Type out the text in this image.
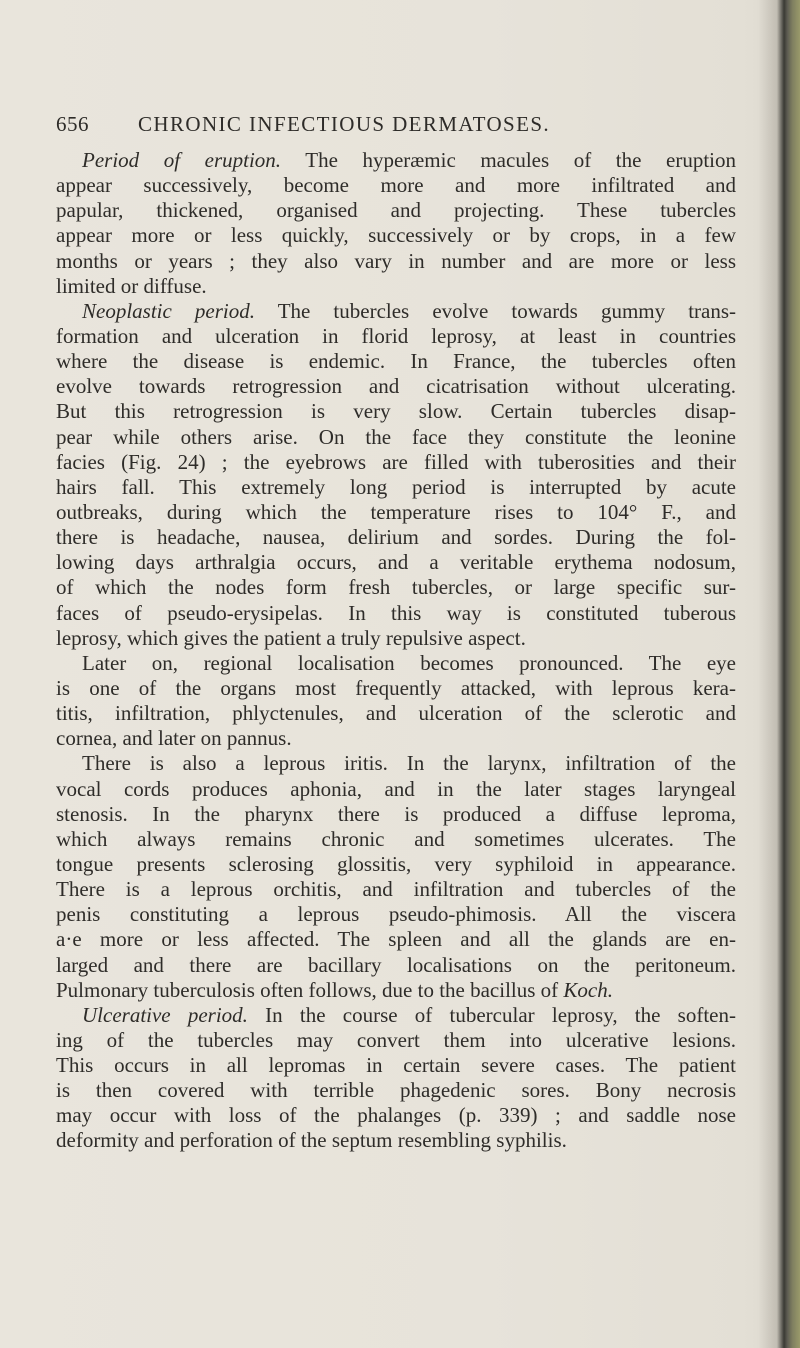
656 CHRONIC INFECTIOUS DERMATOSES.
Period of eruption. The hyperæmic macules of the eruption
appear successively, become more and more infiltrated and
papular, thickened, organised and projecting. These tubercles
appear more or less quickly, successively or by crops, in a few
months or years ; they also vary in number and are more or less
limited or diffuse.
Neoplastic period. The tubercles evolve towards gummy trans-
formation and ulceration in florid leprosy, at least in countries
where the disease is endemic. In France, the tubercles often
evolve towards retrogression and cicatrisation without ulcerating.
But this retrogression is very slow. Certain tubercles disap-
pear while others arise. On the face they constitute the leonine
facies (Fig. 24) ; the eyebrows are filled with tuberosities and their
hairs fall. This extremely long period is interrupted by acute
outbreaks, during which the temperature rises to 104° F., and
there is headache, nausea, delirium and sordes. During the fol-
lowing days arthralgia occurs, and a veritable erythema nodosum,
of which the nodes form fresh tubercles, or large specific sur-
faces of pseudo-erysipelas. In this way is constituted tuberous
leprosy, which gives the patient a truly repulsive aspect.
Later on, regional localisation becomes pronounced. The eye
is one of the organs most frequently attacked, with leprous kera-
titis, infiltration, phlyctenules, and ulceration of the sclerotic and
cornea, and later on pannus.
There is also a leprous iritis. In the larynx, infiltration of the
vocal cords produces aphonia, and in the later stages laryngeal
stenosis. In the pharynx there is produced a diffuse leproma,
which always remains chronic and sometimes ulcerates. The
tongue presents sclerosing glossitis, very syphiloid in appearance.
There is a leprous orchitis, and infiltration and tubercles of the
penis constituting a leprous pseudo-phimosis. All the viscera
a·e more or less affected. The spleen and all the glands are en-
larged and there are bacillary localisations on the peritoneum.
Pulmonary tuberculosis often follows, due to the bacillus of Koch.
Ulcerative period. In the course of tubercular leprosy, the soften-
ing of the tubercles may convert them into ulcerative lesions.
This occurs in all lepromas in certain severe cases. The patient
is then covered with terrible phagedenic sores. Bony necrosis
may occur with loss of the phalanges (p. 339) ; and saddle nose
deformity and perforation of the septum resembling syphilis.
